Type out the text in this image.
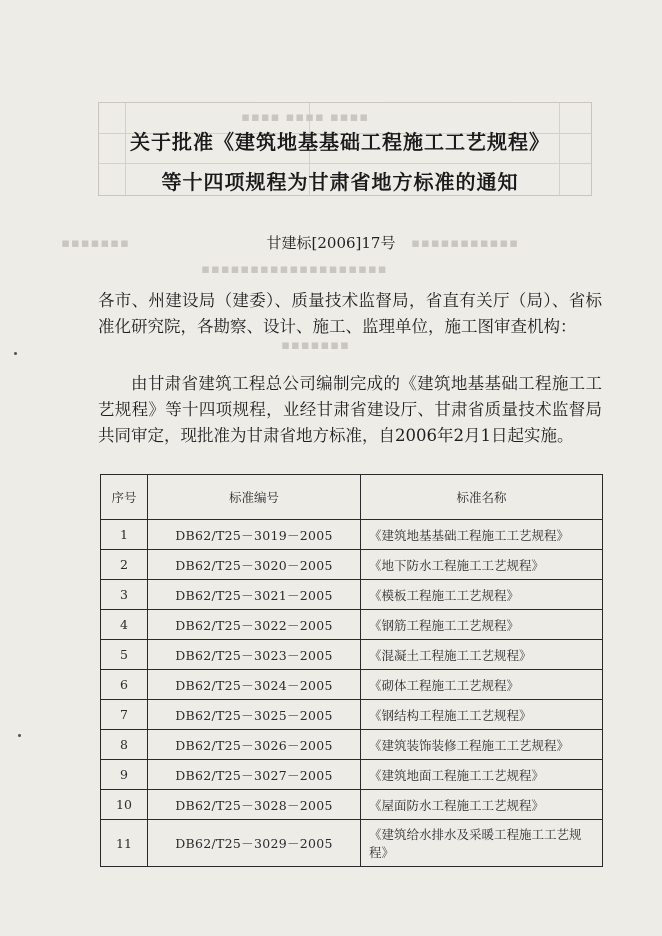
▪▪▪▪ ▪▪▪▪ ▪▪▪▪
▪▪▪▪▪▪▪	▪▪▪▪▪▪▪▪▪▪▪
▪▪▪▪▪▪▪▪▪▪▪▪▪▪▪▪▪▪▪
▪▪▪▪▪▪▪
关于批准《建筑地基基础工程施工工艺规程》
等十四项规程为甘肃省地方标准的通知
甘建标[2006]17号
各市、州建设局（建委）、质量技术监督局，省直有关厅（局）、省标准化研究院，各勘察、设计、施工、监理单位，施工图审查机构：
由甘肃省建筑工程总公司编制完成的《建筑地基基础工程施工工艺规程》等十四项规程，业经甘肃省建设厅、甘肃省质量技术监督局共同审定，现批准为甘肃省地方标准，自2006年2月1日起实施。
序号	标准编号	标准名称
1	DB62/T25－3019－2005	《建筑地基基础工程施工工艺规程》
2	DB62/T25－3020－2005	《地下防水工程施工工艺规程》
3	DB62/T25－3021－2005	《模板工程施工工艺规程》
4	DB62/T25－3022－2005	《钢筋工程施工工艺规程》
5	DB62/T25－3023－2005	《混凝土工程施工工艺规程》
6	DB62/T25－3024－2005	《砌体工程施工工艺规程》
7	DB62/T25－3025－2005	《钢结构工程施工工艺规程》
8	DB62/T25－3026－2005	《建筑装饰装修工程施工工艺规程》
9	DB62/T25－3027－2005	《建筑地面工程施工工艺规程》
10	DB62/T25－3028－2005	《屋面防水工程施工工艺规程》
11	DB62/T25－3029－2005	《建筑给水排水及采暖工程施工工艺规程》
